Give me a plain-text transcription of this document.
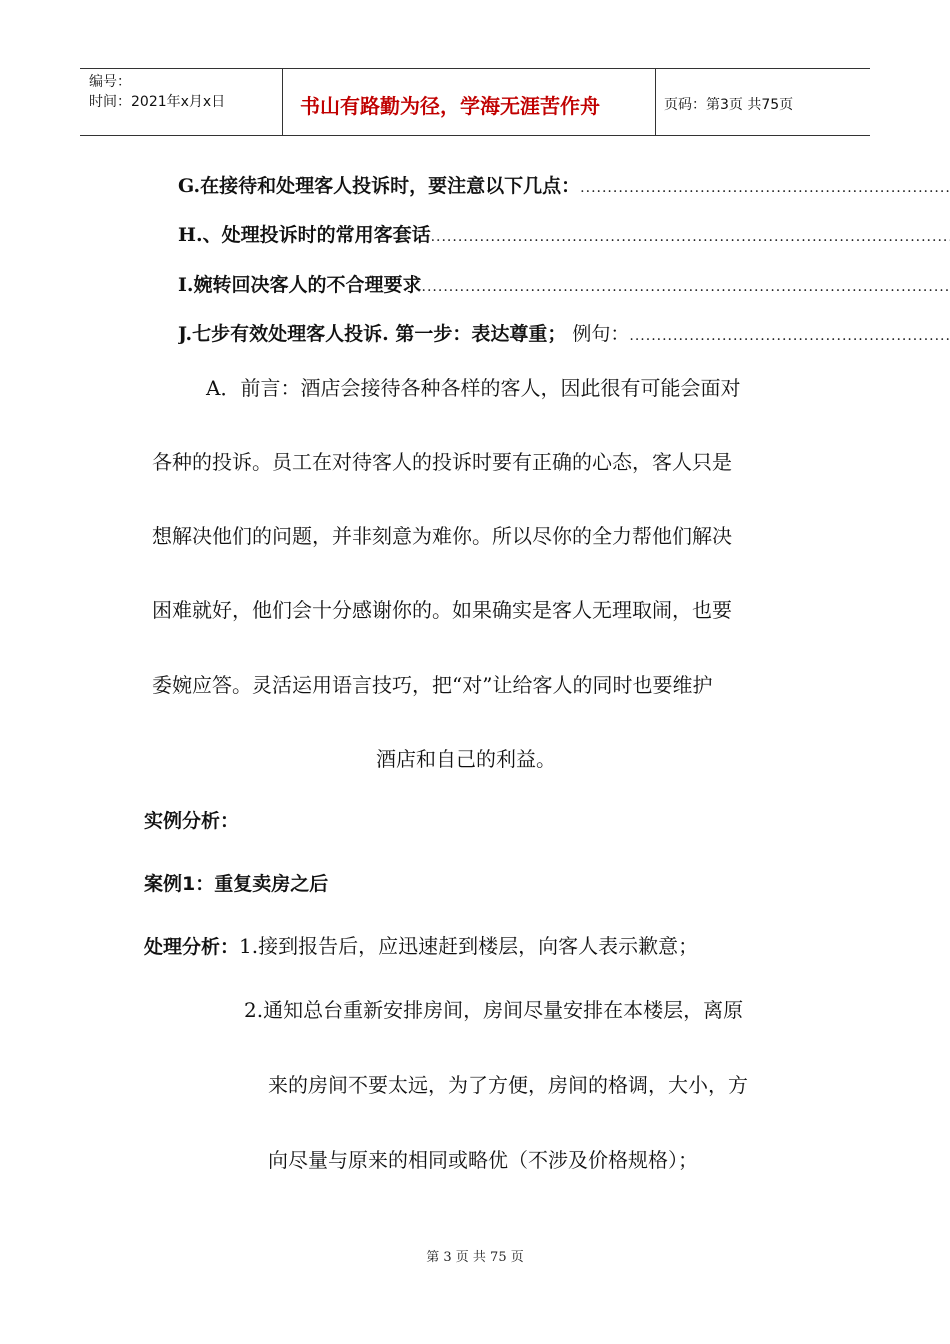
编号：
时间：2021年x月x日	书山有路勤为径，学海无涯苦作舟	页码：第3页 共75页
G.在接待和处理客人投诉时，要注意以下几点：
.....
H.、处理投诉时的常用客套话
.....
I.婉转回决客人的不合理要求
.....
J.七步有效处理客人投诉. 第一步：表达尊重； 例句：
.....
A．前言：酒店会接待各种各样的客人，因此很有可能会面对
各种的投诉。员工在对待客人的投诉时要有正确的心态，客人只是
想解决他们的问题，并非刻意为难你。所以尽你的全力帮他们解决
困难就好，他们会十分感谢你的。如果确实是客人无理取闹，也要
委婉应答。灵活运用语言技巧，把“对”让给客人的同时也要维护
酒店和自己的利益。
实例分析：
案例1：重复卖房之后
处理分析：1.接到报告后，应迅速赶到楼层，向客人表示歉意；
2.通知总台重新安排房间，房间尽量安排在本楼层，离原
来的房间不要太远，为了方便，房间的格调，大小，方
向尽量与原来的相同或略优（不涉及价格规格）；
第 3 页 共 75 页
